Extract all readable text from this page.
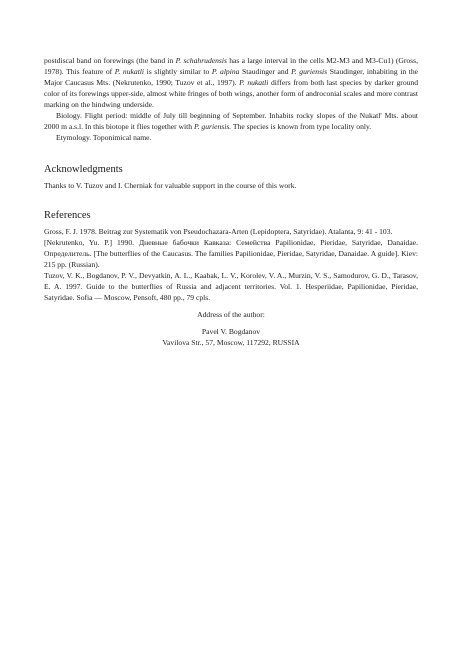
postdiscal band on forewings (the band in P. schahrudensis has a large interval in the cells M2-M3 and M3-Cu1) (Gross, 1978). This feature of P. nukatli is slightly similar to P. alpina Staudinger and P. guriensis Staudinger, inhabiting in the Major Caucasus Mts. (Nekrutenko, 1990; Tuzov et al., 1997). P. nukatli differs from both last species by darker ground color of its forewings upper-side, almost white fringes of both wings, another form of androconial scales and more contrast marking on the hindwing underside.

Biology. Flight period: middle of July till beginning of September. Inhabits rocky slopes of the Nukatl' Mts. about 2000 m a.s.l. In this biotope it flies together with P. guriensis. The species is known from type locality only.

Etymology. Toponimical name.

Acknowledgments

Thanks to V. Tuzov and I. Cherniak for valuable support in the course of this work.

References

Gross, F. J. 1978. Beitrag zur Systematik von Pseudochazara-Arten (Lepidoptera, Satyridae). Atalanta, 9: 41 - 103.

[Nekrutenko, Yu. P.] 1990. Дневные бабочки Кавказа: Семейства Papilionidae, Pieridae, Satyridae, Danaidae. Определитель. [The butterflies of the Caucasus. The families Papilionidae, Pieridae, Satyridae, Danaidae. A guide]. Kiev: 215 pp. (Russian).

Tuzov, V. K., Bogdanov, P. V., Devyatkin, A. L., Kaabak, L. V., Korolev, V. A., Murzin, V. S., Samodurov, G. D., Tarasov, E. A. 1997. Guide to the butterflies of Russia and adjacent territories. Vol. 1. Hesperiidae, Papilionidae, Pieridae, Satyridae. Sofia — Moscow, Pensoft, 480 pp., 79 cpls.

Address of the author:

Pavel V. Bogdanov

Vavilova Str., 57, Moscow, 117292, RUSSIA
